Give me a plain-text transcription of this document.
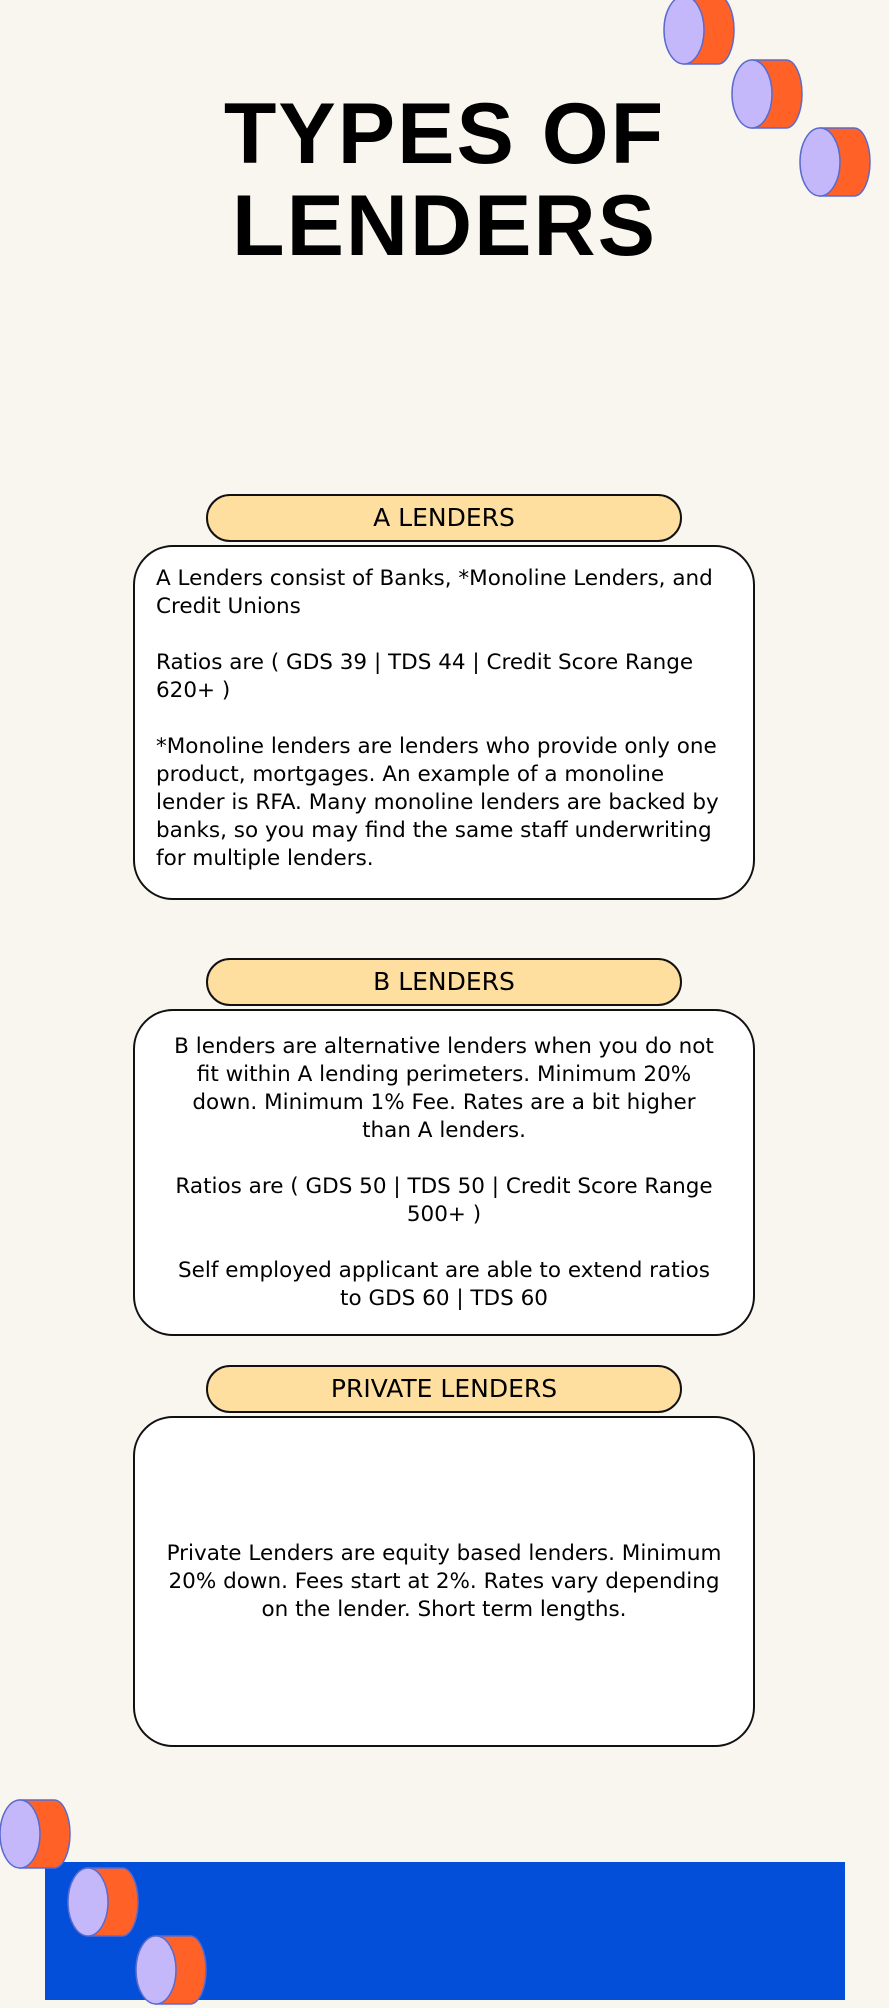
TYPES OF
LENDERS
A LENDERS

A Lenders consist of Banks, *Monoline Lenders, and Credit Unions

Ratios are ( GDS 39 | TDS 44 | Credit Score Range 620+ )

*Monoline lenders are lenders who provide only one product, mortgages. An example of a monoline lender is RFA. Many monoline lenders are backed by banks, so you may find the same staff underwriting for multiple lenders.

B LENDERS

B lenders are alternative lenders when you do not fit within A lending perimeters. Minimum 20% down. Minimum 1% Fee. Rates are a bit higher than A lenders.

Ratios are ( GDS 50 | TDS 50 | Credit Score Range 500+ )

Self employed applicant are able to extend ratios to GDS 60 | TDS 60

PRIVATE LENDERS

Private Lenders are equity based lenders. Minimum 20% down. Fees start at 2%. Rates vary depending on the lender. Short term lengths.
